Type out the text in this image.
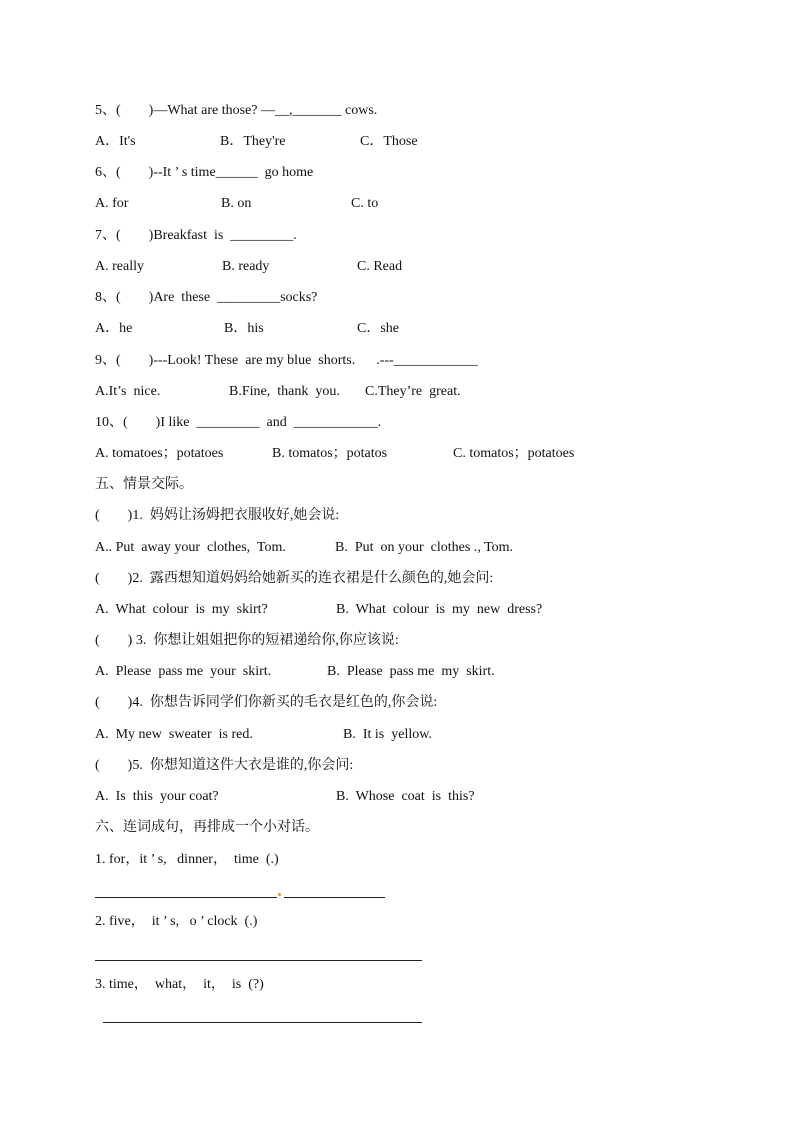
5、(        )—What are those? —__,_______ cows.
A．It's	B．They're	C．Those
6、(        )--It ’ s time______  go home
A. for	B. on	C. to
7、(        )Breakfast  is  _________.
A. really	B. ready	C. Read
8、(        )Are  these  _________socks?
A．he	B．his	C．she
9、(        )---Look! These  are my blue  shorts.      .---____________
A.It’s  nice.	B.Fine,  thank  you. C.They’re  great.
10、(        )I like  _________  and  ____________.
A. tomatoes；potatoes	B. tomatos；potatos	C. tomatos；potatoes
五、情景交际。
(        )1.  妈妈让汤姆把衣服收好,她会说:
A.. Put  away your  clothes,  Tom.	B.  Put  on your  clothes ., Tom.
(        )2.  露西想知道妈妈给她新买的连衣裙是什么颜色的,她会问:
A.  What  colour  is  my  skirt?	B.  What  colour  is  my  new  dress?
(        ) 3.  你想让姐姐把你的短裙递给你,你应该说:
A.  Please  pass me  your  skirt.	B.  Please  pass me  my  skirt.
(        )4.  你想告诉同学们你新买的毛衣是红色的,你会说:
A.  My new  sweater  is red.	B.  It is  yellow.
(        )5.  你想知道这件大衣是谁的,你会问:
A.  Is  this  your coat?	B.  Whose  coat  is  this?
六、连词成句，再排成一个小对话。
1. for，it ’ s,   dinner，  time  (.)
2. five，  it ’ s,   o ’ clock  (.)
3. time，  what，  it，  is  (?)
